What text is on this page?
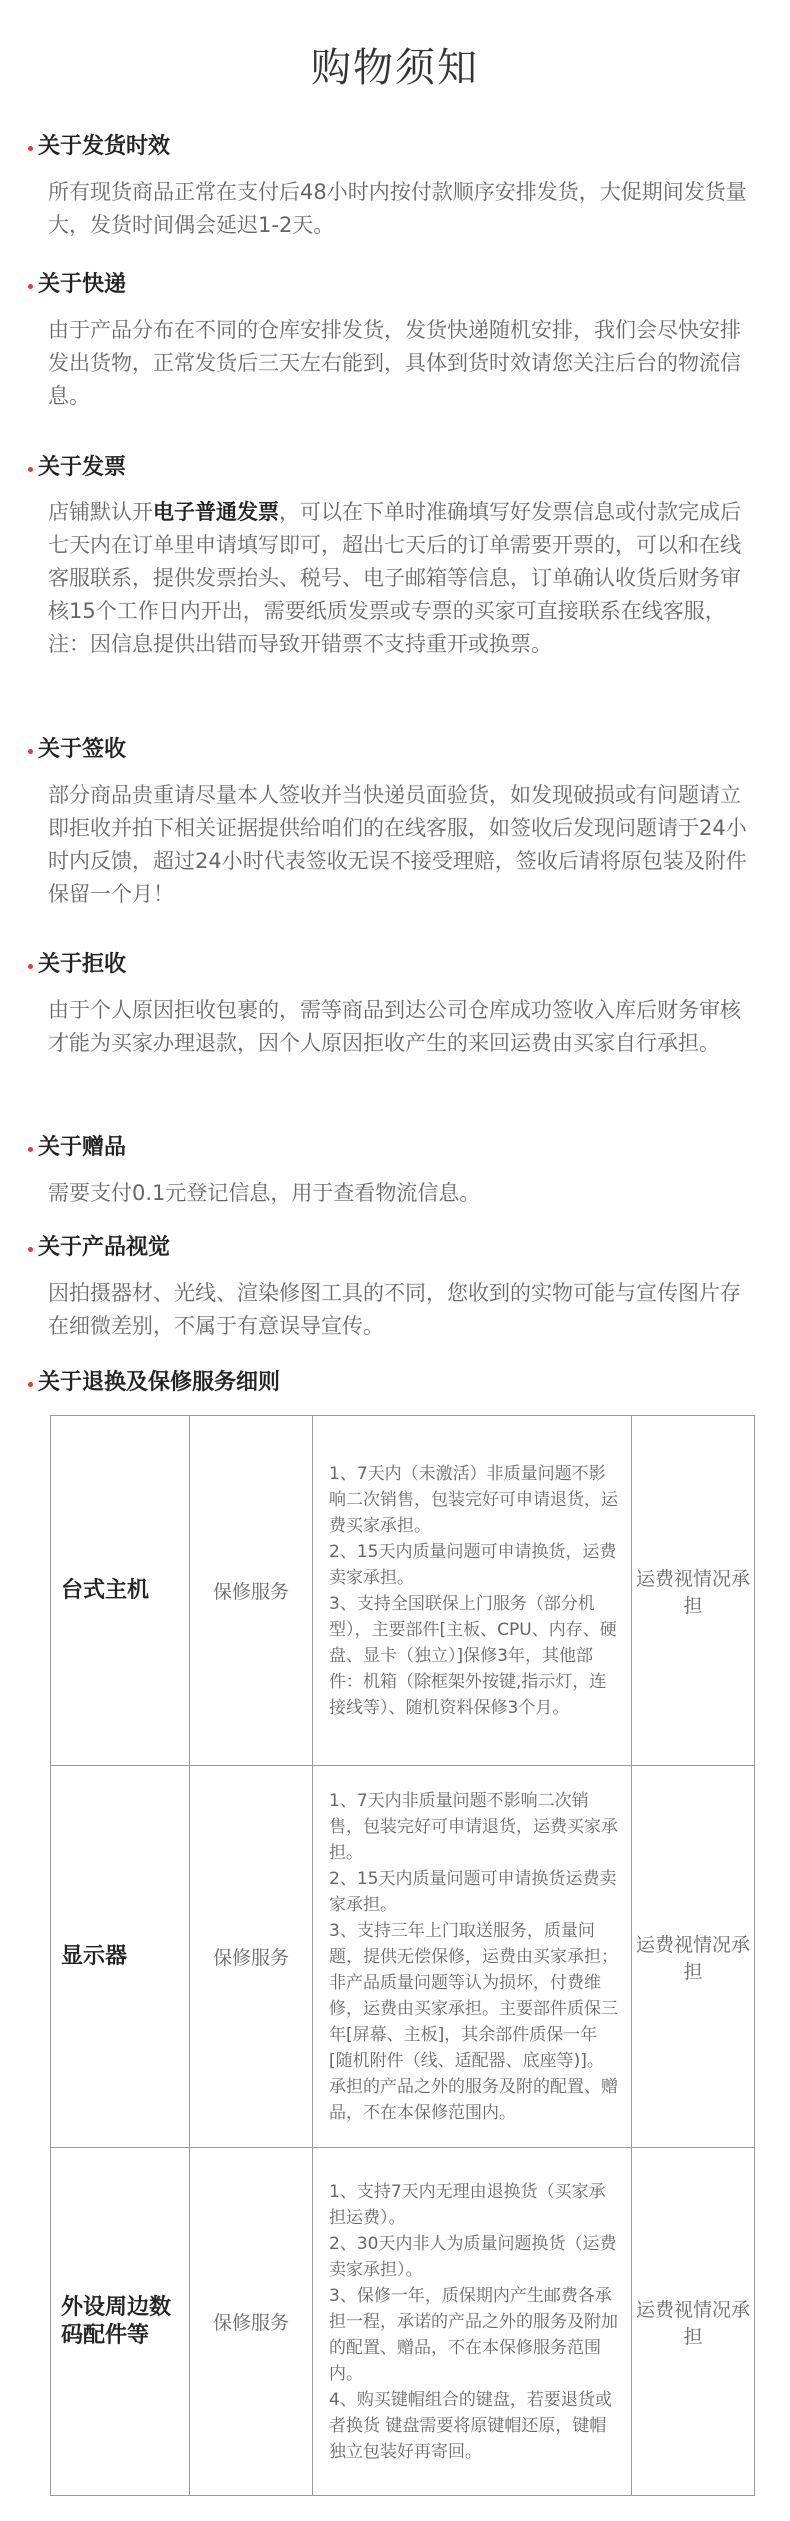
购物须知
关于发货时效

所有现货商品正常在支付后48小时内按付款顺序安排发货，大促期间发货量大，发货时间偶会延迟1-2天。

关于快递

由于产品分布在不同的仓库安排发货，发货快递随机安排，我们会尽快安排发出货物，正常发货后三天左右能到，具体到货时效请您关注后台的物流信息。

关于发票

店铺默认开电子普通发票，可以在下单时准确填写好发票信息或付款完成后七天内在订单里申请填写即可，超出七天后的订单需要开票的，可以和在线客服联系，提供发票抬头、税号、电子邮箱等信息，订单确认收货后财务审核15个工作日内开出，需要纸质发票或专票的买家可直接联系在线客服，注：因信息提供出错而导致开错票不支持重开或换票。

关于签收

部分商品贵重请尽量本人签收并当快递员面验货，如发现破损或有问题请立即拒收并拍下相关证据提供给咱们的在线客服，如签收后发现问题请于24小时内反馈，超过24小时代表签收无误不接受理赔，签收后请将原包装及附件保留一个月！

关于拒收

由于个人原因拒收包裹的，需等商品到达公司仓库成功签收入库后财务审核才能为买家办理退款，因个人原因拒收产生的来回运费由买家自行承担。

关于赠品

需要支付0.1元登记信息，用于查看物流信息。

关于产品视觉

因拍摄器材、光线、渲染修图工具的不同，您收到的实物可能与宣传图片存在细微差别，不属于有意误导宣传。

关于退换及保修服务细则
台式主机	保修服务	1、7天内（未激活）非质量问题不影响二次销售，包装完好可申请退货，运费买家承担。

2、15天内质量问题可申请换货，运费卖家承担。

3、支持全国联保上门服务（部分机型），主要部件[主板、CPU、内存、硬盘、显卡（独立）]保修3年，其他部件：机箱（除框架外按键,指示灯，连接线等）、随机资料保修3个月。	运费视情况承担
显示器	保修服务	1、7天内非质量问题不影响二次销售，包装完好可申请退货，运费买家承担。

2、15天内质量问题可申请换货运费卖家承担。

3、支持三年上门取送服务，质量问题，提供无偿保修，运费由买家承担；非产品质量问题等认为损坏，付费维修，运费由买家承担。主要部件质保三年[屏幕、主板]，其余部件质保一年[随机附件（线、适配器、底座等)]。承担的产品之外的服务及附的配置、赠品，不在本保修范围内。	运费视情况承担
外设周边数码配件等	保修服务	1、支持7天内无理由退换货（买家承担运费）。

2、30天内非人为质量问题换货（运费卖家承担）。

3、保修一年，质保期内产生邮费各承担一程，承诺的产品之外的服务及附加的配置、赠品，不在本保修服务范围内。

4、购买键帽组合的键盘，若要退货或者换货 键盘需要将原键帽还原，键帽独立包装好再寄回。	运费视情况承担
